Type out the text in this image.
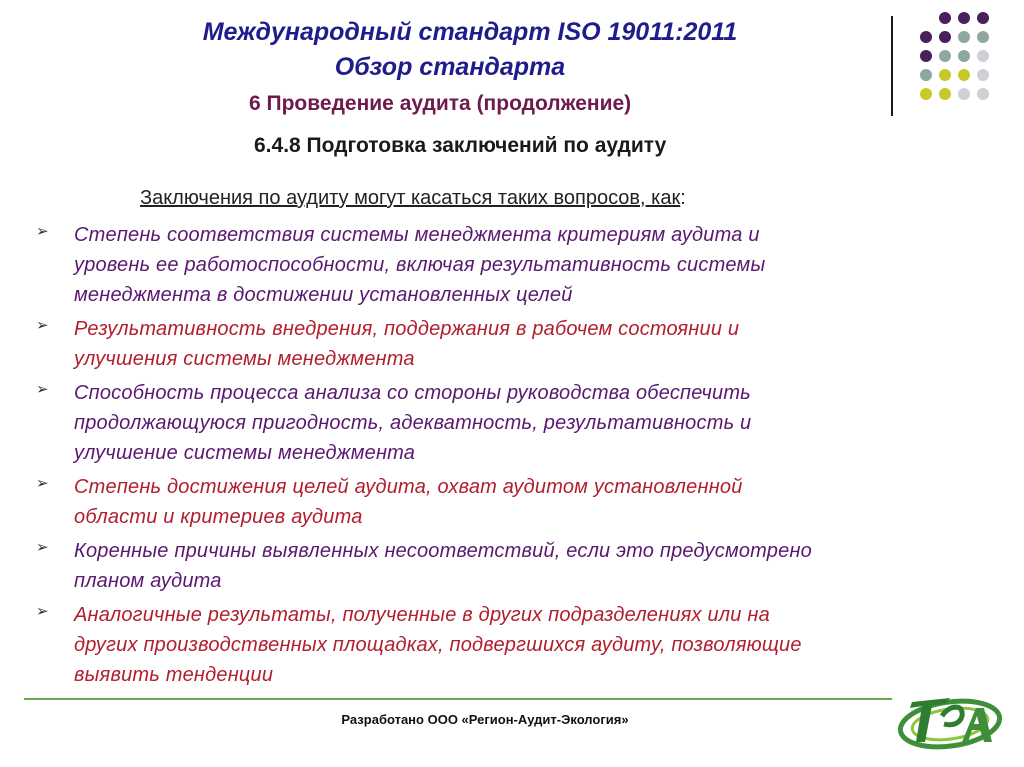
Международный стандарт ISO 19011:2011
Обзор стандарта
6 Проведение аудита (продолжение)
6.4.8 Подготовка заключений по аудиту
Заключения по аудиту могут касаться таких вопросов, как:
➢ Степень соответствия системы менеджмента критериям аудита и
уровень ее работоспособности, включая результативность системы
менеджмента в достижении установленных целей
➢ Результативность внедрения, поддержания в рабочем состоянии и
улучшения системы менеджмента
➢ Способность процесса анализа со стороны руководства обеспечить
продолжающуюся пригодность, адекватность, результативность и
улучшение системы менеджмента
➢ Степень достижения целей аудита, охват аудитом установленной
области и критериев аудита
➢ Коренные причины выявленных несоответствий, если это предусмотрено
планом аудита
➢ Аналогичные результаты, полученные в других подразделениях или на
других производственных площадках, подвергшихся аудиту, позволяющие
выявить тенденции
Разработано ООО «Регион-Аудит-Экология»
